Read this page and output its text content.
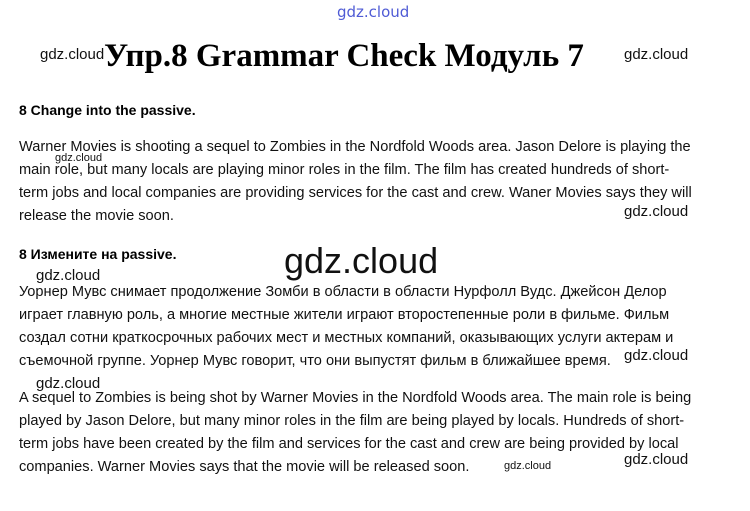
gdz.cloud
gdz.cloud	gdz.cloud
Упр.8 Grammar Check Модуль 7
8 Change into the passive.
Warner Movies is shooting a sequel to Zombies in the Nordfold Woods area. Jason Delore is playing the
main role, but many locals are playing minor roles in the film. The film has created hundreds of short-
term jobs and local companies are providing services for the cast and crew. Waner Movies says they will
release the movie soon.
gdz.cloud
gdz.cloud
8 Измените на passive.	gdz.cloud
gdz.cloud
Уорнер Мувс снимает продолжение Зомби в области в области Нурфолл Вудс. Джейсон Делор
играет главную роль, а многие местные жители играют второстепенные роли в фильме. Фильм
создал сотни краткосрочных рабочих мест и местных компаний, оказывающих услуги актерам и
съемочной группе. Уорнер Мувс говорит, что они выпустят фильм в ближайшее время. gdz.cloud
gdz.cloud
A sequel to Zombies is being shot by Warner Movies in the Nordfold Woods area. The main role is being
played by Jason Delore, but many minor roles in the film are being played by locals. Hundreds of short-
term jobs have been created by the film and services for the cast and crew are being provided by local
companies. Warner Movies says that the movie will be released soon.	gdz.cloud	gdz.cloud
